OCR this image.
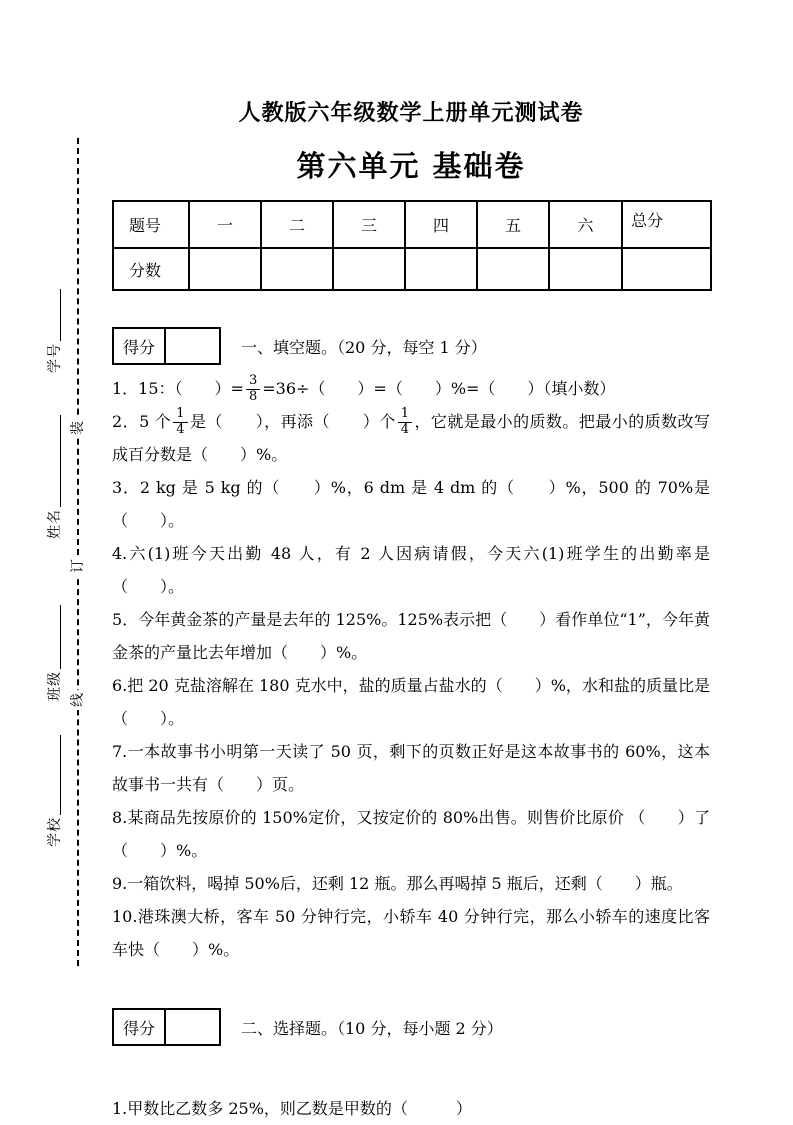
学号
姓名
班级
学校
装
订
线
人教版六年级数学上册单元测试卷
第六单元 基础卷
题号	一	二	三	四	五	六	总分
分数							
得分	一、填空题。（20 分，每空 1 分）

1．15：（　　）= $\frac{3}{8} =36\div$（　　）=（　　）%=（　　）（填小数）

2．5 个 $\frac{1}{4}$ 是（　　），再添（　　）个 $\frac{1}{4}$ ，它就是最小的质数。把最小的质数改写成百分数是（　　）%。

3．2 kg 是 5 kg 的（　　）%，6 dm 是 4 dm 的（　　）%，500 的 70%是（　　）。

4.六(1)班今天出勤 48 人，有 2 人因病请假，今天六(1)班学生的出勤率是（　　）。

5．今年黄金茶的产量是去年的 125%。125%表示把（　　）看作单位“1”，今年黄金茶的产量比去年增加（　　）%。

6.把 20 克盐溶解在 180 克水中，盐的质量占盐水的（　　）%，水和盐的质量比是（　　）。

7.一本故事书小明第一天读了 50 页，剩下的页数正好是这本故事书的 60%，这本故事书一共有（　　）页。

8.某商品先按原价的 150%定价，又按定价的 80%出售。则售价比原价 （　　）了（　　）%。

9.一箱饮料，喝掉 50%后，还剩 12 瓶。那么再喝掉 5 瓶后，还剩（　　）瓶。

10.港珠澳大桥，客车 50 分钟行完，小轿车 40 分钟行完，那么小轿车的速度比客车快（　　）%。

得分	二、选择题。（10 分，每小题 2 分）

1.甲数比乙数多 25%，则乙数是甲数的（　　　）
